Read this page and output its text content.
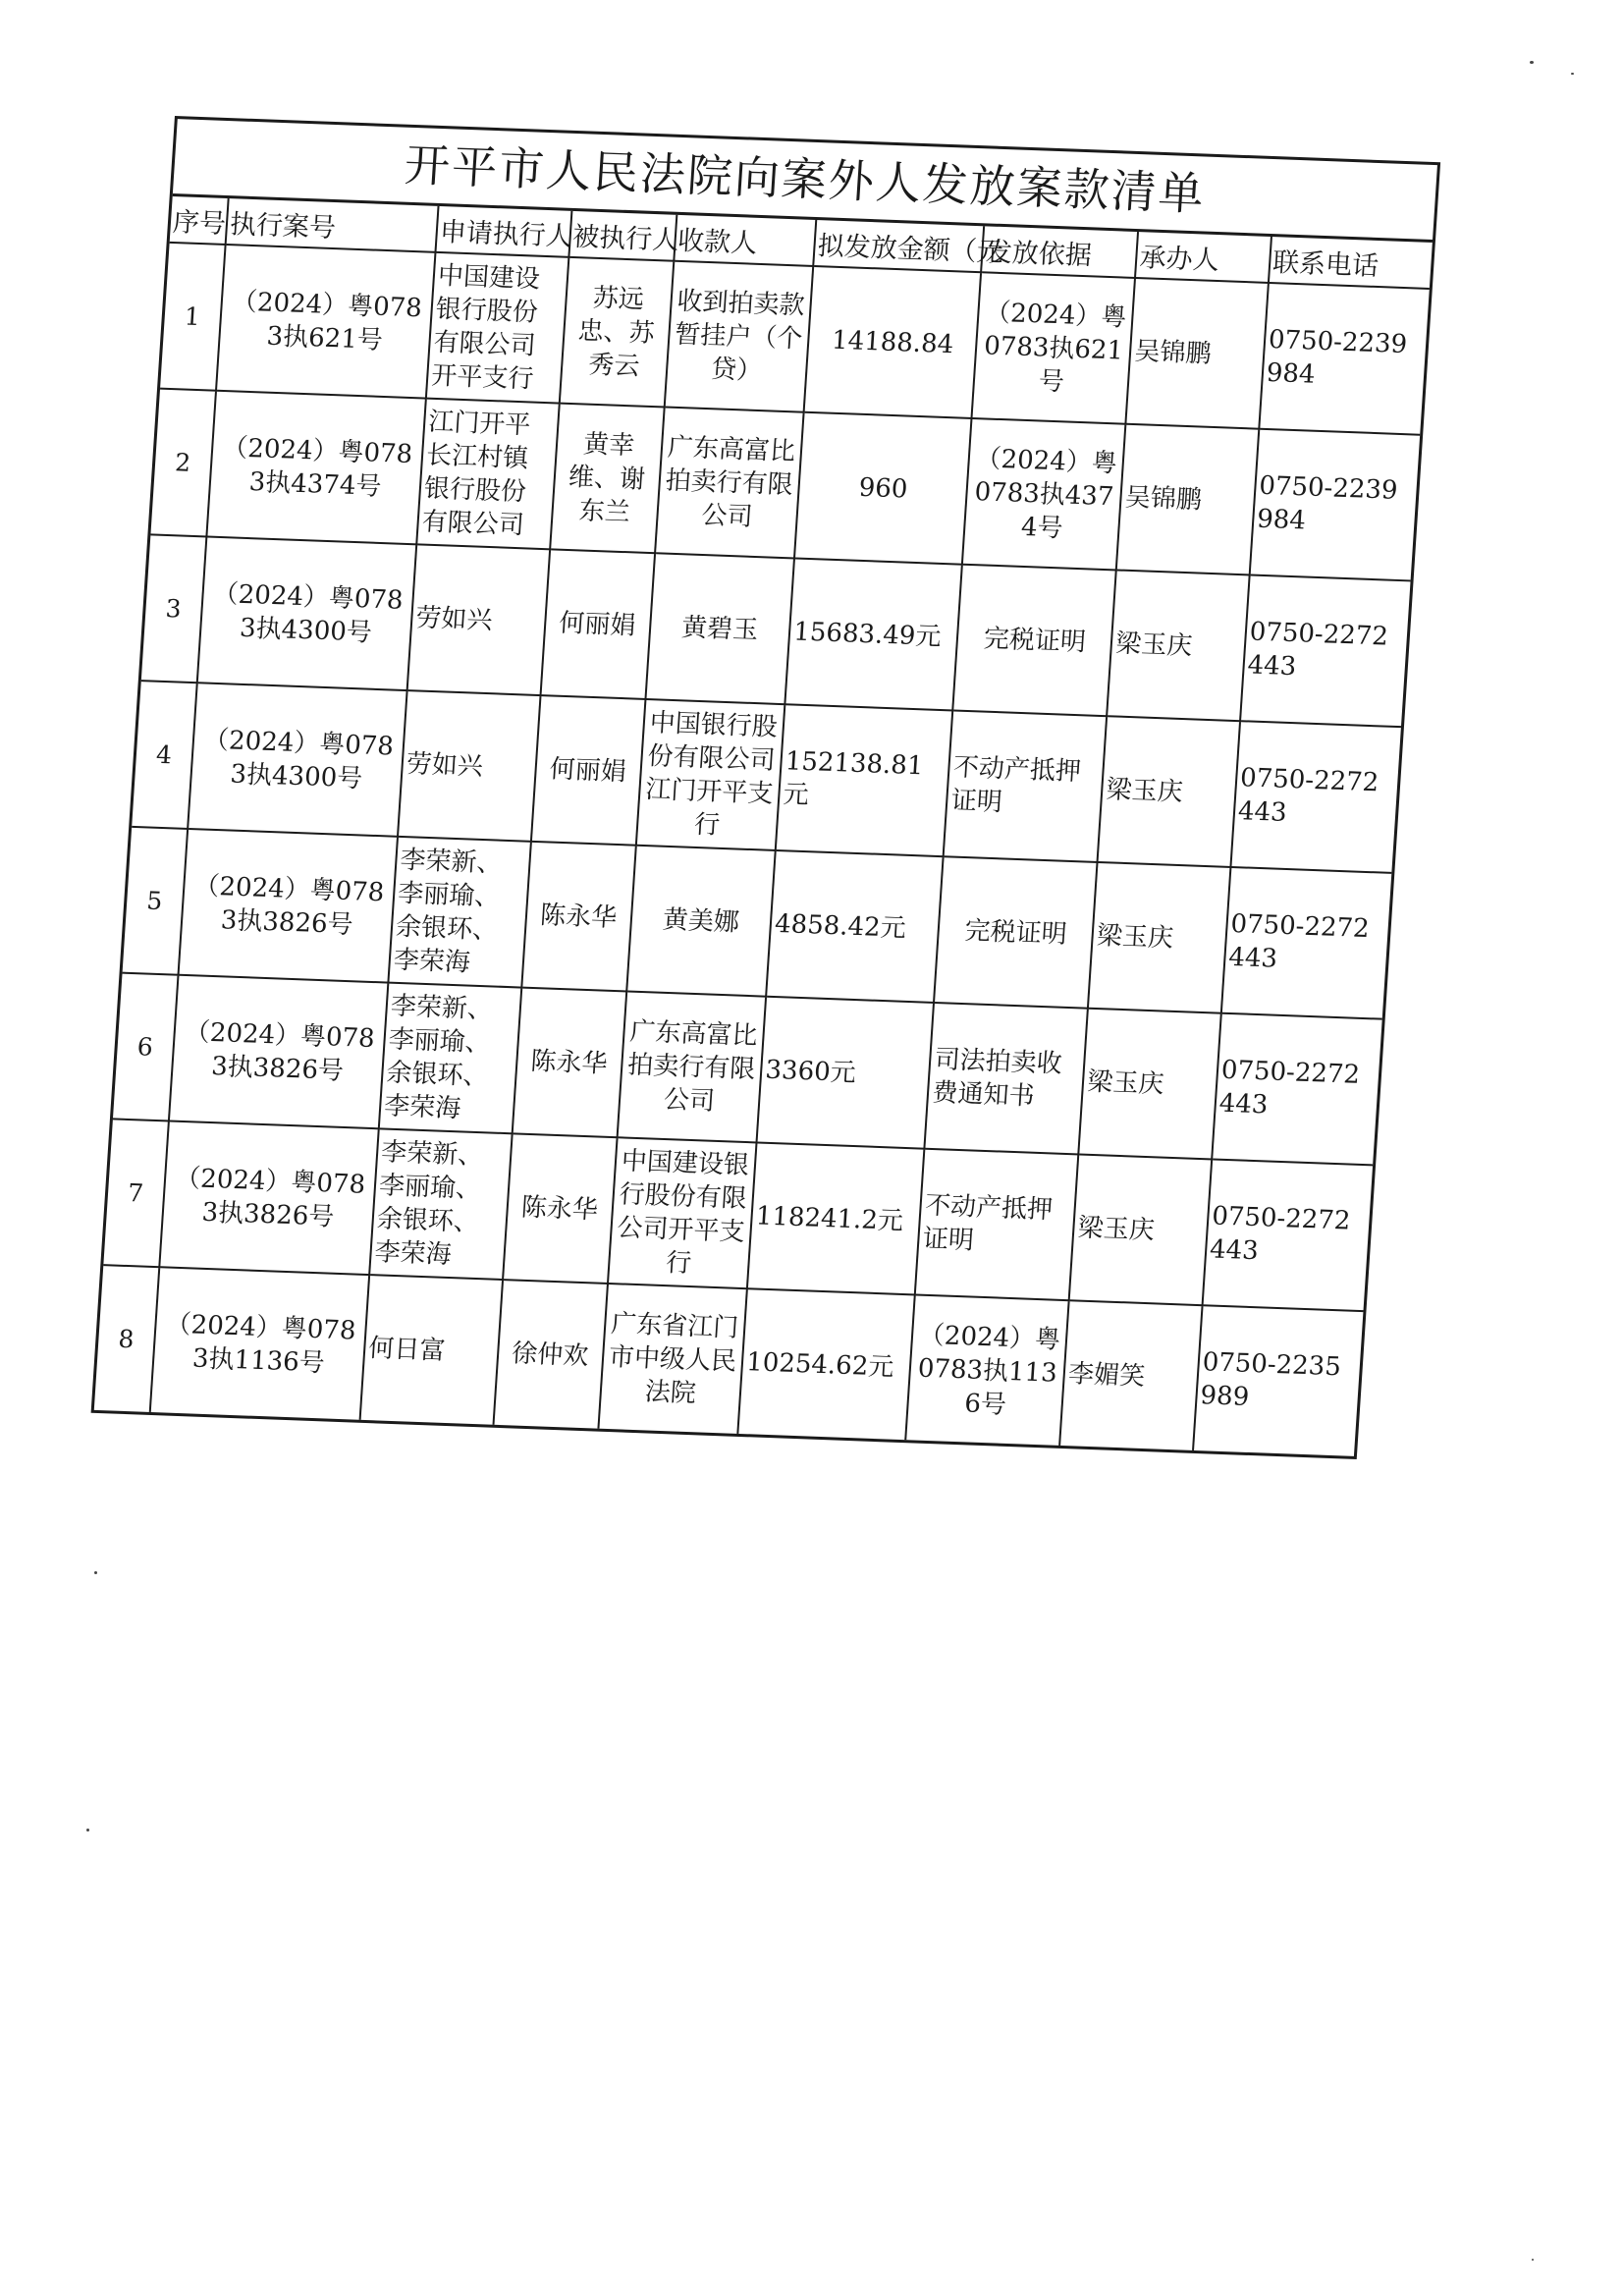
开平市人民法院向案外人发放案款清单
序号	执行案号	申请执行人	被执行人	收款人	拟发放金额（元	发放依据	承办人	联系电话
1	（2024）粤0783执621号	中国建设银行股份有限公司开平支行	苏远忠、苏秀云	收到拍卖款暂挂户（个贷）	14188.84	（2024）粤0783执621号	吴锦鹏	0750-2239984
2	（2024）粤0783执4374号	江门开平长江村镇银行股份有限公司	黄幸维、谢东兰	广东高富比拍卖行有限公司	960	（2024）粤0783执4374号	吴锦鹏	0750-2239984
3	（2024）粤0783执4300号	劳如兴	何丽娟	黄碧玉	15683.49元	完税证明	梁玉庆	0750-2272443
4	（2024）粤0783执4300号	劳如兴	何丽娟	中国银行股份有限公司江门开平支行	152138.81元	不动产抵押证明	梁玉庆	0750-2272443
5	（2024）粤0783执3826号	李荣新、李丽瑜、余银环、李荣海	陈永华	黄美娜	4858.42元	完税证明	梁玉庆	0750-2272443
6	（2024）粤0783执3826号	李荣新、李丽瑜、余银环、李荣海	陈永华	广东高富比拍卖行有限公司	3360元	司法拍卖收费通知书	梁玉庆	0750-2272443
7	（2024）粤0783执3826号	李荣新、李丽瑜、余银环、李荣海	陈永华	中国建设银行股份有限公司开平支行	118241.2元	不动产抵押证明	梁玉庆	0750-2272443
8	（2024）粤0783执1136号	何日富	徐仲欢	广东省江门市中级人民法院	10254.62元	（2024）粤0783执1136号	李媚笑	0750-2235989
